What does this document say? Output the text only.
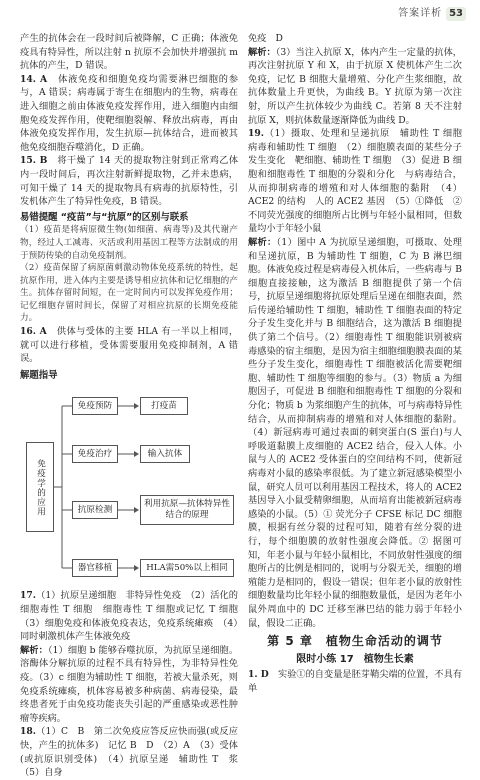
答案详析 53

产生的抗体会在一段时间后被降解，C 正确；体液免疫具有特异性，所以注射 n 抗原不会加快并增强抗 m 抗体的产生，D 错误。

14. A　 体液免疫和细胞免疫均需要淋巴细胞的参与，A 错误；病毒属于寄生在细胞内的生物，病毒在进入细胞之前由体液免疫发挥作用，进入细胞内由细胞免疫发挥作用，使靶细胞裂解、释放出病毒，再由体液免疫发挥作用，发生抗原—抗体结合，进而被其他免疫细胞吞噬消化，D 正确。

15. B　 将干燥了 14 天的提取物注射到正常鸡乙体内一段时间后，再次注射新鲜提取物，乙并未患病，可知干燥了 14 天的提取物具有病毒的抗原特性，引发机体产生了特异性免疫，B 错误。

易错提醒 “疫苗”与“抗原”的区别与联系

（1）疫苗是将病原微生物(如细菌、病毒等)及其代谢产物，经过人工减毒、灭活或利用基因工程等方法制成的用于预防传染的自动免疫制剂。

（2）疫苗保留了病原菌刺激动物体免疫系统的特性，起抗原作用，进入体内主要是诱导相应抗体和记忆细胞的产生。抗体存留时间短，在一定时间内可以发挥免疫作用；记忆细胞存留时间长，保留了对相应抗原的长期免疫能力。

16. A　 供体与受体的主要 HLA 有一半以上相同，就可以进行移植，受体需要服用免疫抑制剂，A 错误。

解题指导

免疫学的应用
免疫预防
免疫治疗
抗原检测
器官移植
打疫苗
输入抗体
利用抗原—抗体特异性结合的原理
HLA需50%以上相同

17.（1）抗原呈递细胞　非特异性免疫　（2）活化的细胞毒性 T 细胞　细胞毒性 T 细胞或记忆 T 细胞　（3）细胞免疫和体液免疫表达，免疫系统瘫痪　（4）同时刺激机体产生体液免疫

解析：（1）细胞 b 能够吞噬抗原，为抗原呈递细胞。溶酶体分解抗原的过程不具有特异性，为非特异性免疫。（3）c 细胞为辅助性 T 细胞，若被大量杀死，则免疫系统瘫痪，机体容易被多种病菌、病毒侵染，最终患者死于由免疫功能丧失引起的严重感染或恶性肿瘤等疾病。

18.（1）C　B　第二次免疫应答反应快而强(或反应快，产生的抗体多)　记忆 B　D　（2）A　（3）受体(或抗原识别受体)　（4）抗原呈递　辅助性 T　浆　（5）自身

免疫　D

解析：（3）当注入抗原 X，体内产生一定量的抗体，再次注射抗原 Y 和 X，由于抗原 X 使机体产生二次免疫，记忆 B 细胞大量增殖、分化产生浆细胞，故抗体数量上升更快，为曲线 B。Y 抗原为第一次注射，所以产生抗体较少为曲线 C。若第 8 天不注射抗原 X，则抗体数量逐渐降低为曲线 D。

19.（1）摄取、处理和呈递抗原　辅助性 T 细胞　病毒和辅助性 T 细胞　（2）细胞膜表面的某些分子发生变化　靶细胞、辅助性 T 细胞　（3）促进 B 细胞和细胞毒性 T 细胞的分裂和分化　与病毒结合，从而抑制病毒的增殖和对人体细胞的黏附　（4）ACE2 的结构　人的 ACE2 基因　（5）①降低　②不同荧光强度的细胞所占比例与年轻小鼠相同，但数量均小于年轻小鼠

解析：（1）图中 A 为抗原呈递细胞，可摄取、处理和呈递抗原，B 为辅助性 T 细胞，C 为 B 淋巴细胞。体液免疫过程是病毒侵入机体后，一些病毒与 B 细胞直接接触，这为激活 B 细胞提供了第一个信号，抗原呈递细胞将抗原处理后呈递在细胞表面，然后传递给辅助性 T 细胞，辅助性 T 细胞表面的特定分子发生变化并与 B 细胞结合，这为激活 B 细胞提供了第二个信号。（2）细胞毒性 T 细胞能识别被病毒感染的宿主细胞，是因为宿主细胞细胞膜表面的某些分子发生变化，细胞毒性 T 细胞被活化需要靶细胞、辅助性 T 细胞等细胞的参与。（3）物质 a 为细胞因子，可促进 B 细胞和细胞毒性 T 细胞的分裂和分化；物质 b 为浆细胞产生的抗体，可与病毒特异性结合，从而抑制病毒的增殖和对人体细胞的黏附。（4）新冠病毒可通过表面的刺突蛋白(S 蛋白)与人呼吸道黏膜上皮细胞的 ACE2 结合，侵入人体。小鼠与人的 ACE2 受体蛋白的空间结构不同，使新冠病毒对小鼠的感染率很低。为了建立新冠感染模型小鼠，研究人员可以利用基因工程技术，将人的 ACE2 基因导入小鼠受精卵细胞，从而培育出能被新冠病毒感染的小鼠。（5）① 荧光分子 CFSE 标记 DC 细胞膜，根据有丝分裂的过程可知，随着有丝分裂的进行，每个细胞膜的放射性强度会降低。② 据图可知，年老小鼠与年轻小鼠相比，不同放射性强度的细胞所占的比例是相同的，说明与分裂无关，细胞的增殖能力是相同的，假设一错误；但年老小鼠的放射性细胞数量均比年轻小鼠的细胞数量低，是因为老年小鼠外周血中的 DC 迁移至淋巴结的能力弱于年轻小鼠，假设二正确。

第 5 章　植物生命活动的调节

限时小练 17　植物生长素

1. D　 实验①的自变量是胚芽鞘尖端的位置，不具有单
